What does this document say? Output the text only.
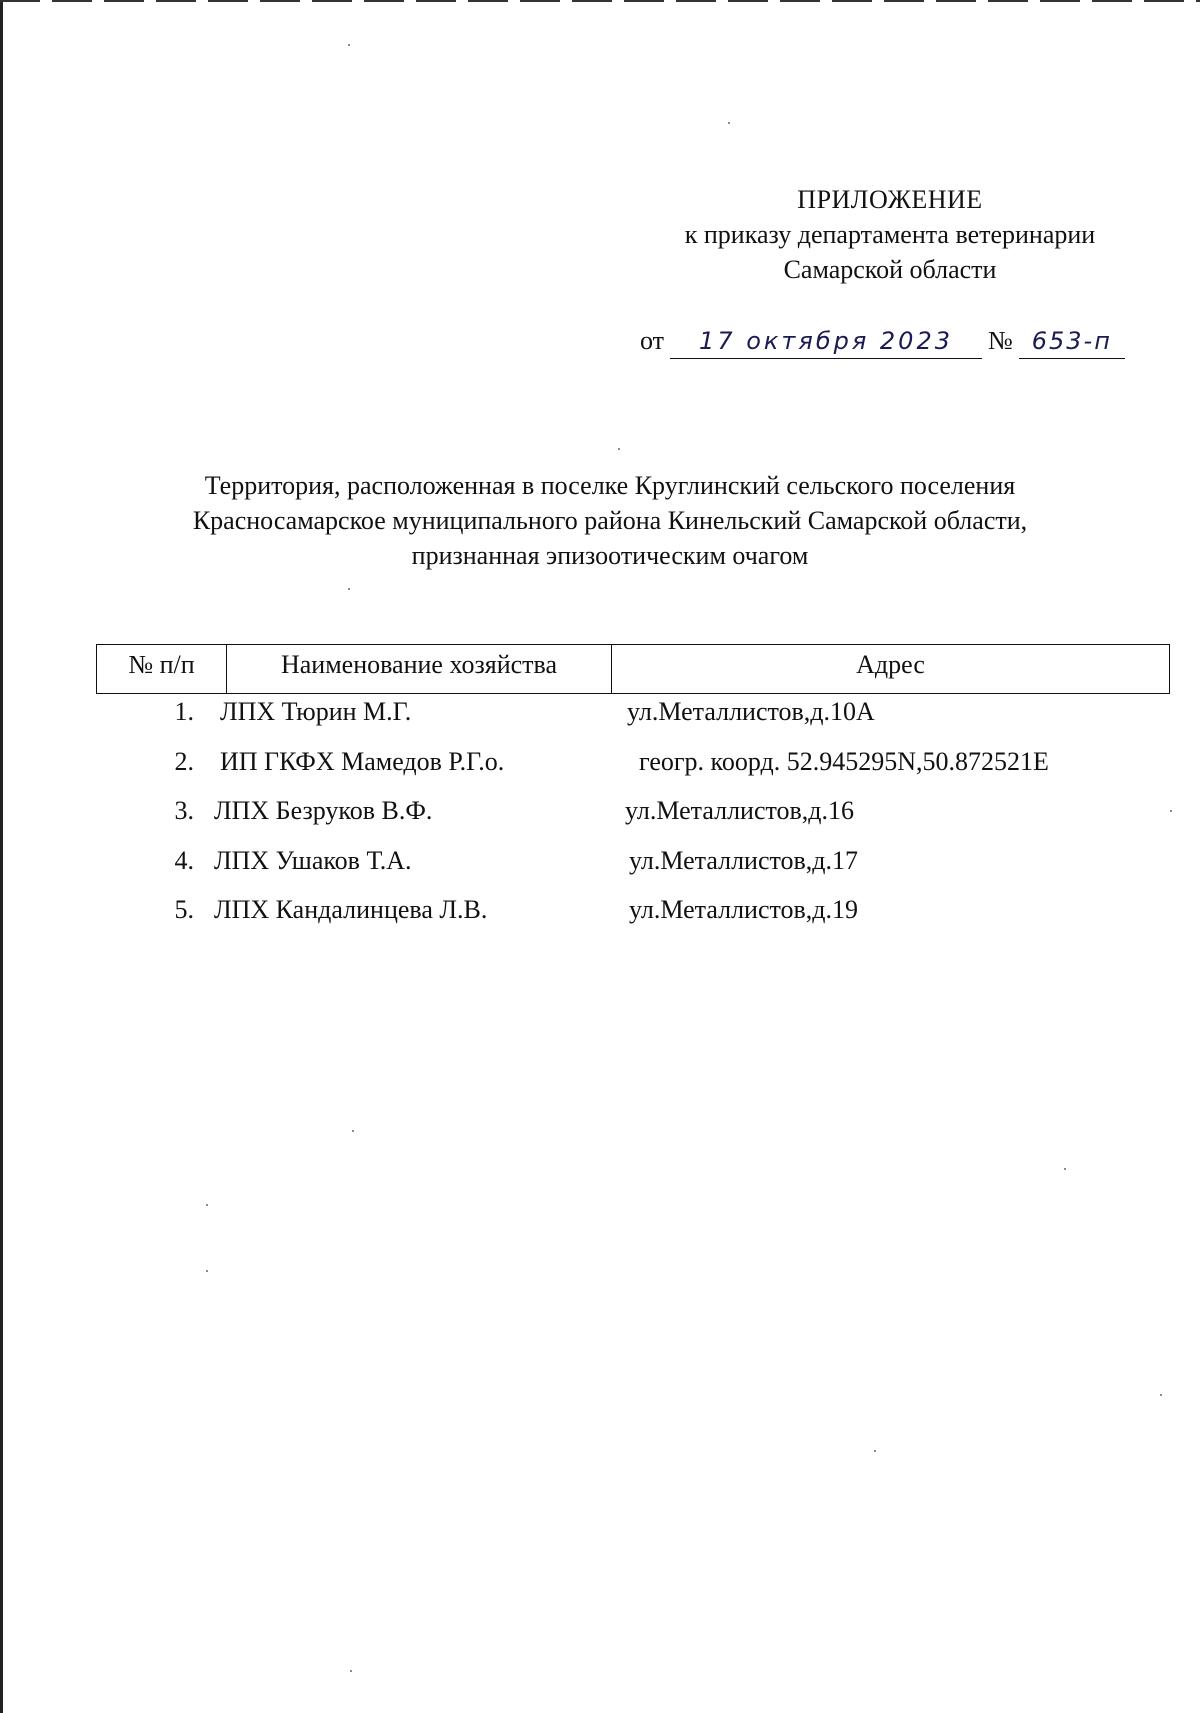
ПРИЛОЖЕНИЕ
к приказу департамента ветеринарии
Самарской области
от 17 октября 2023 № 653-п
Территория, расположенная в поселке Круглинский сельского поселения
Красносамарское муниципального района Кинельский Самарской области,
признанная эпизоотическим очагом
№ п/п	Наименование хозяйства	Адрес
1.	ЛПХ Тюрин М.Г.	ул.Металлистов,д.10А
2.	ИП ГКФХ Мамедов Р.Г.о.	геогр. коорд. 52.945295N,50.872521E
3. ЛПХ Безруков В.Ф.	ул.Металлистов,д.16
4. ЛПХ Ушаков Т.А.	ул.Металлистов,д.17
5. ЛПХ Кандалинцева Л.В.	ул.Металлистов,д.19
